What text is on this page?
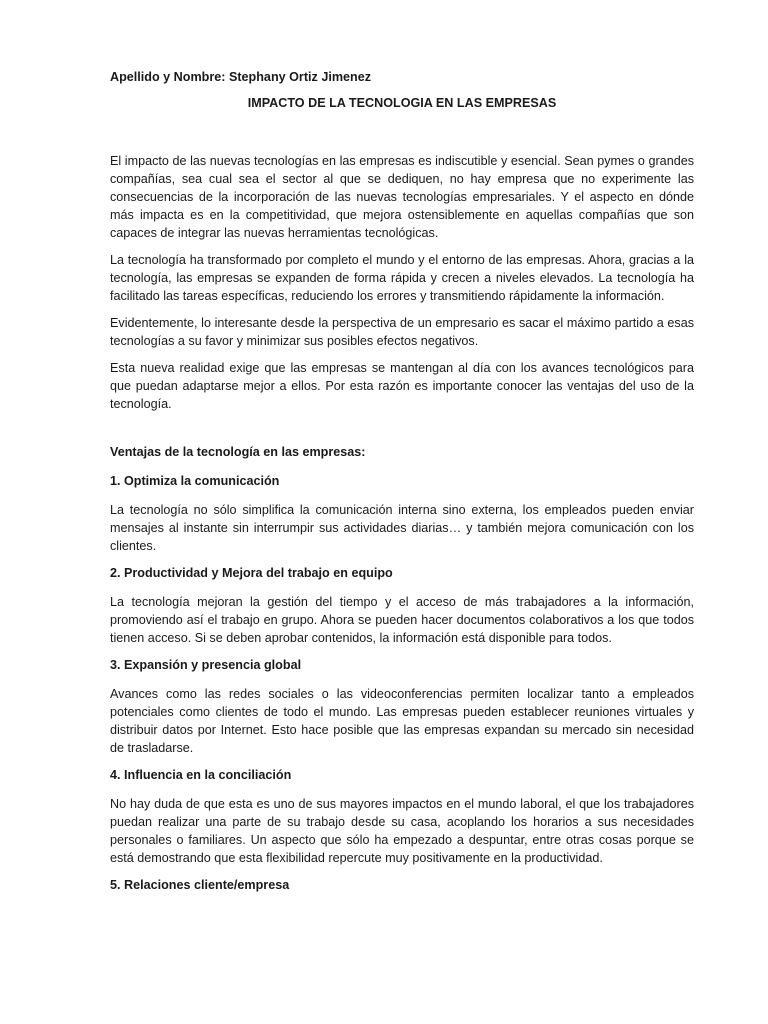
Apellido y Nombre: Stephany Ortiz Jimenez

IMPACTO DE LA TECNOLOGIA EN LAS EMPRESAS

El impacto de las nuevas tecnologías en las empresas es indiscutible y esencial. Sean pymes o grandes compañías, sea cual sea el sector al que se dediquen, no hay empresa que no experimente las consecuencias de la incorporación de las nuevas tecnologías empresariales. Y el aspecto en dónde más impacta es en la competitividad, que mejora ostensiblemente en aquellas compañías que son capaces de integrar las nuevas herramientas tecnológicas.

La tecnología ha transformado por completo el mundo y el entorno de las empresas. Ahora, gracias a la tecnología, las empresas se expanden de forma rápida y crecen a niveles elevados. La tecnología ha facilitado las tareas específicas, reduciendo los errores y transmitiendo rápidamente la información.

Evidentemente, lo interesante desde la perspectiva de un empresario es sacar el máximo partido a esas tecnologías a su favor y minimizar sus posibles efectos negativos.

Esta nueva realidad exige que las empresas se mantengan al día con los avances tecnológicos para que puedan adaptarse mejor a ellos. Por esta razón es importante conocer las ventajas del uso de la tecnología.

Ventajas de la tecnología en las empresas:

1. Optimiza la comunicación

La tecnología no sólo simplifica la comunicación interna sino externa, los empleados pueden enviar mensajes al instante sin interrumpir sus actividades diarias… y también mejora comunicación con los clientes.

2. Productividad y Mejora del trabajo en equipo

La tecnología mejoran la gestión del tiempo y el acceso de más trabajadores a la información, promoviendo así el trabajo en grupo. Ahora se pueden hacer documentos colaborativos a los que todos tienen acceso. Si se deben aprobar contenidos, la información está disponible para todos.

3. Expansión y presencia global

Avances como las redes sociales o las videoconferencias permiten localizar tanto a empleados potenciales como clientes de todo el mundo. Las empresas pueden establecer reuniones virtuales y distribuir datos por Internet. Esto hace posible que las empresas expandan su mercado sin necesidad de trasladarse.

4. Influencia en la conciliación

No hay duda de que esta es uno de sus mayores impactos en el mundo laboral, el que los trabajadores puedan realizar una parte de su trabajo desde su casa, acoplando los horarios a sus necesidades personales o familiares. Un aspecto que sólo ha empezado a despuntar, entre otras cosas porque se está demostrando que esta flexibilidad repercute muy positivamente en la productividad.

5. Relaciones cliente/empresa
